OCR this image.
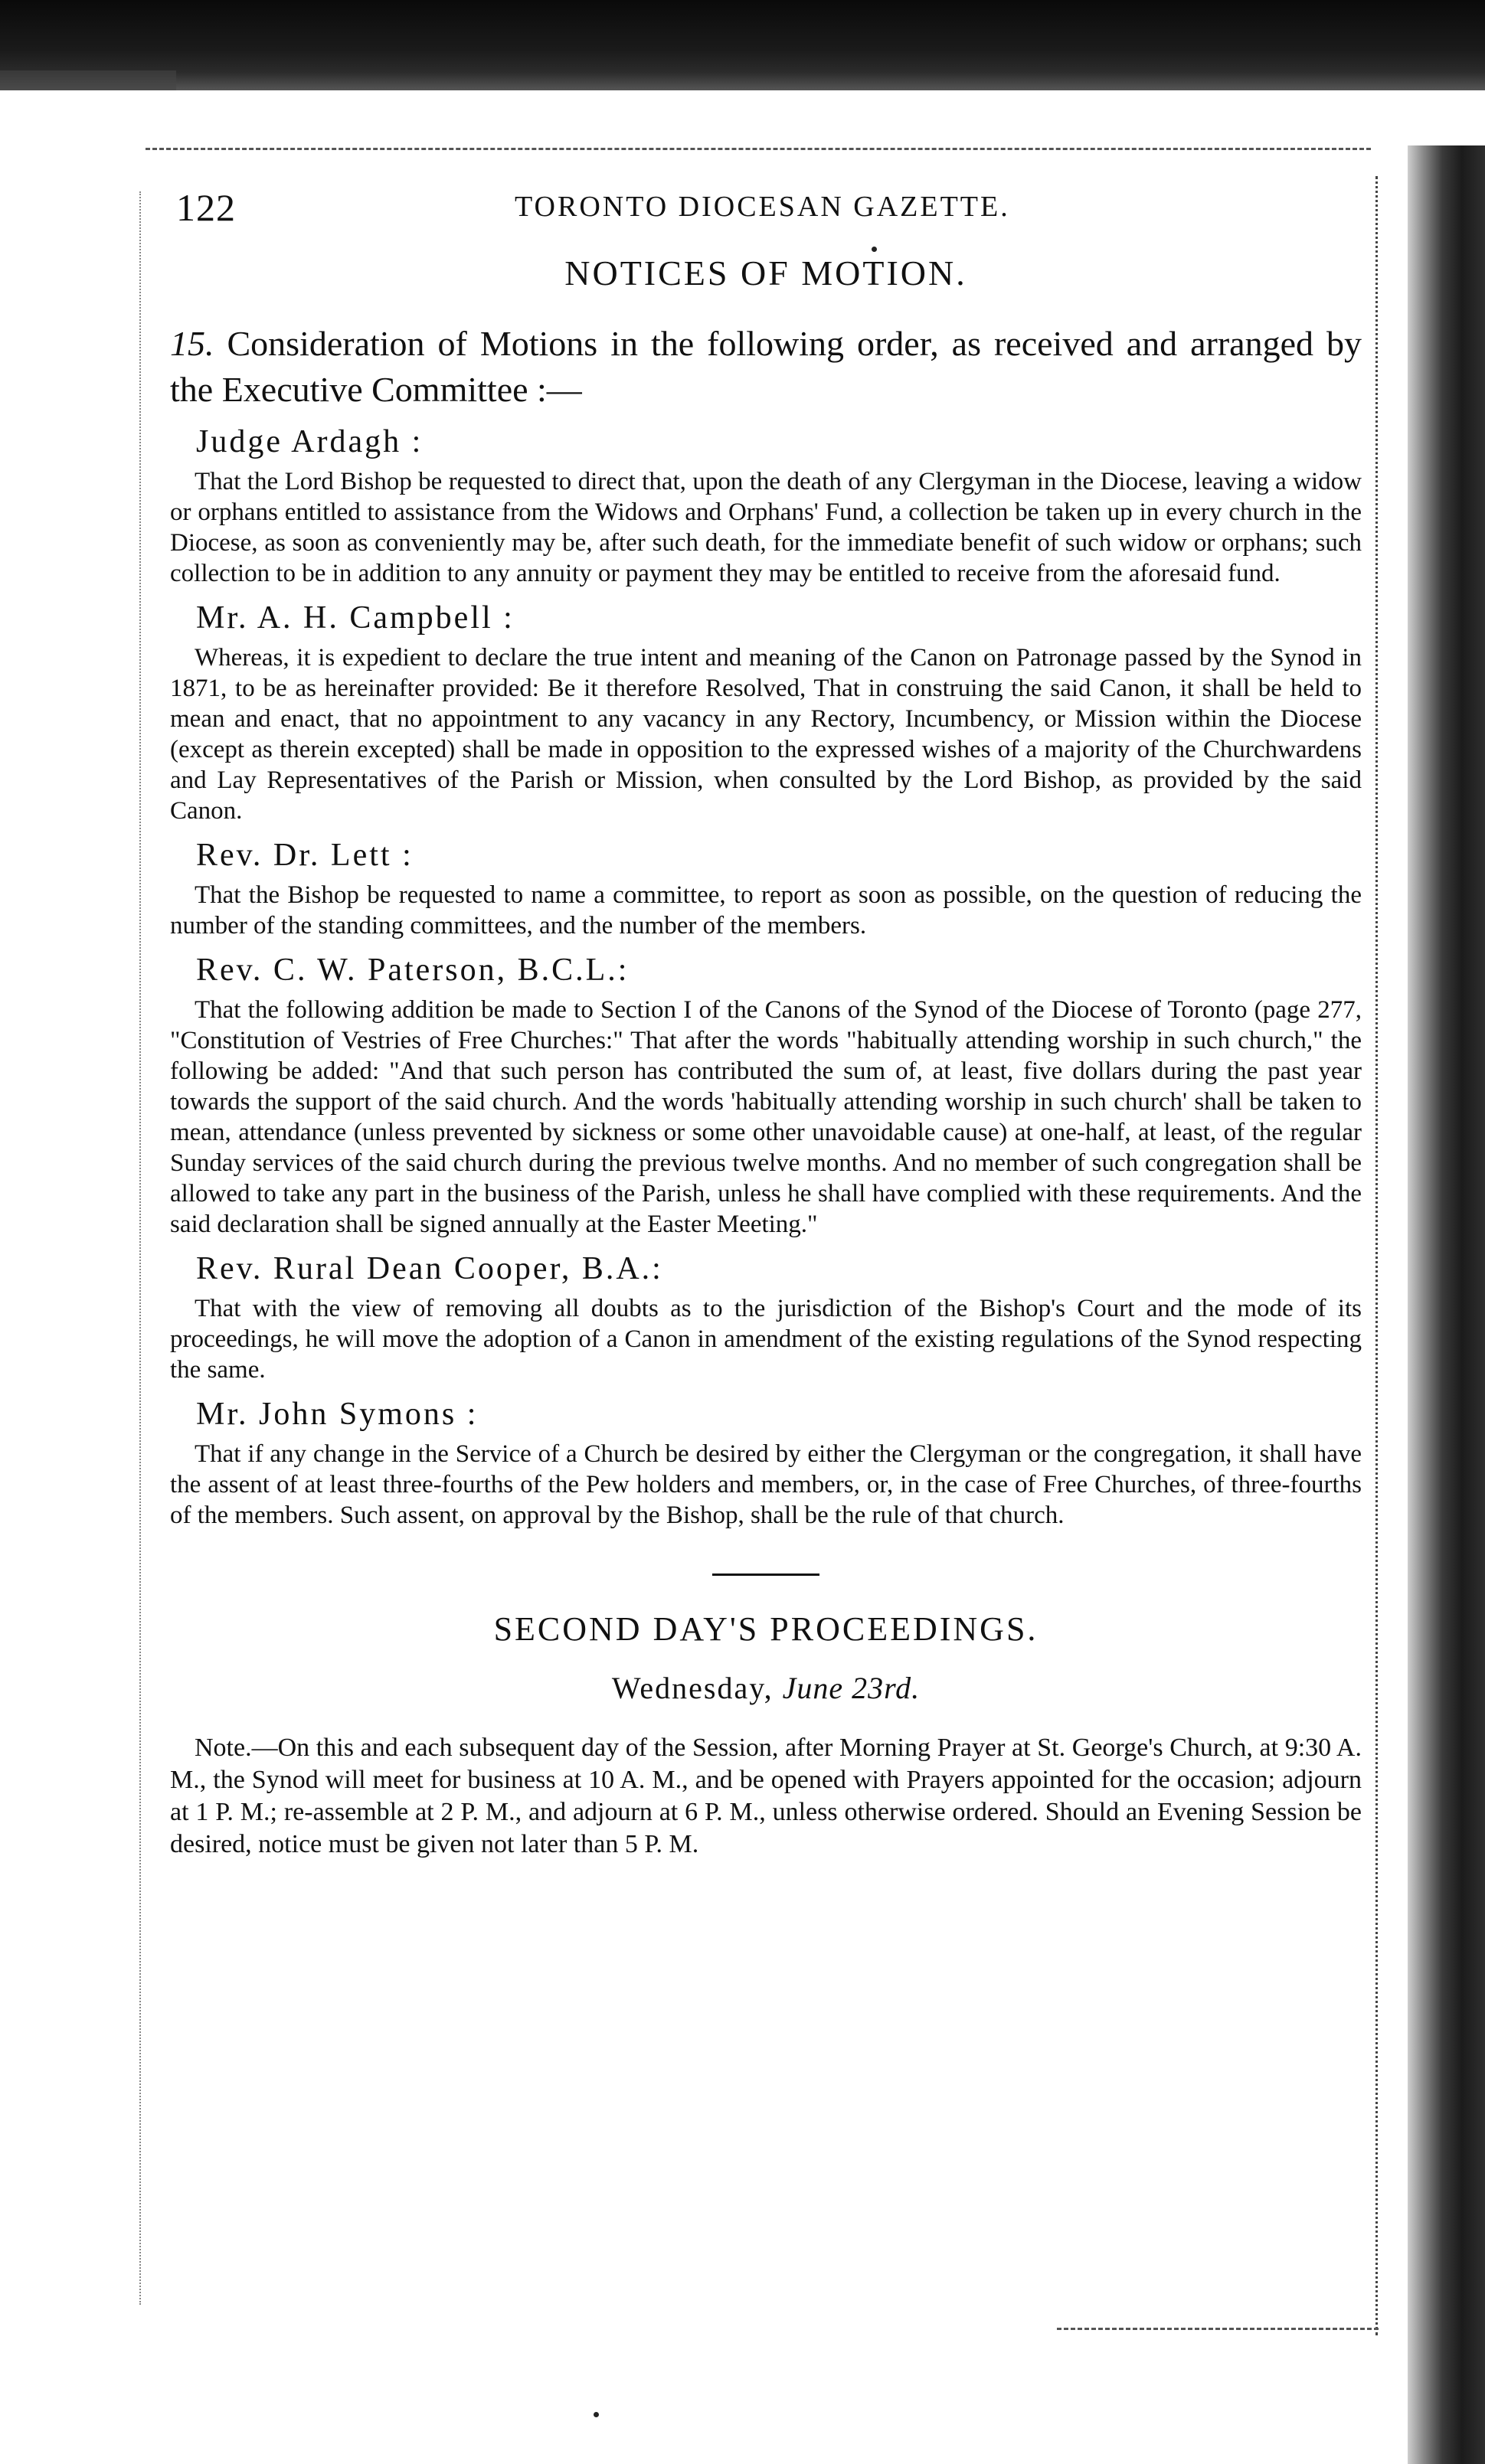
122	TORONTO DIOCESAN GAZETTE.
NOTICES OF MOTION.

15. Consideration of Motions in the following order, as received and arranged by the Executive Committee :—

Judge Ardagh :

That the Lord Bishop be requested to direct that, upon the death of any Clergyman in the Diocese, leaving a widow or orphans entitled to assistance from the Widows and Orphans' Fund, a collection be taken up in every church in the Diocese, as soon as conveniently may be, after such death, for the immediate benefit of such widow or orphans; such collection to be in addition to any annuity or payment they may be entitled to receive from the aforesaid fund.

Mr. A. H. Campbell :

Whereas, it is expedient to declare the true intent and meaning of the Canon on Patronage passed by the Synod in 1871, to be as hereinafter provided: Be it therefore Resolved, That in construing the said Canon, it shall be held to mean and enact, that no appointment to any vacancy in any Rectory, Incumbency, or Mission within the Diocese (except as therein excepted) shall be made in opposition to the expressed wishes of a majority of the Churchwardens and Lay Representatives of the Parish or Mission, when consulted by the Lord Bishop, as provided by the said Canon.

Rev. Dr. Lett :

That the Bishop be requested to name a committee, to report as soon as possible, on the question of reducing the number of the standing committees, and the number of the members.

Rev. C. W. Paterson, B.C.L.:

That the following addition be made to Section I of the Canons of the Synod of the Diocese of Toronto (page 277, "Constitution of Vestries of Free Churches:" That after the words "habitually attending worship in such church," the following be added: "And that such person has contributed the sum of, at least, five dollars during the past year towards the support of the said church. And the words 'habitually attending worship in such church' shall be taken to mean, attendance (unless prevented by sickness or some other unavoidable cause) at one-half, at least, of the regular Sunday services of the said church during the previous twelve months. And no member of such congregation shall be allowed to take any part in the business of the Parish, unless he shall have complied with these requirements. And the said declaration shall be signed annually at the Easter Meeting."

Rev. Rural Dean Cooper, B.A.:

That with the view of removing all doubts as to the jurisdiction of the Bishop's Court and the mode of its proceedings, he will move the adoption of a Canon in amendment of the existing regulations of the Synod respecting the same.

Mr. John Symons :

That if any change in the Service of a Church be desired by either the Clergyman or the congregation, it shall have the assent of at least three-fourths of the Pew holders and members, or, in the case of Free Churches, of three-fourths of the members. Such assent, on approval by the Bishop, shall be the rule of that church.

SECOND DAY'S PROCEEDINGS.
Wednesday, June 23rd.

Note.—On this and each subsequent day of the Session, after Morning Prayer at St. George's Church, at 9:30 A. M., the Synod will meet for business at 10 A. M., and be opened with Prayers appointed for the occasion; adjourn at 1 P. M.; re-assemble at 2 P. M., and adjourn at 6 P. M., unless otherwise ordered. Should an Evening Session be desired, notice must be given not later than 5 P. M.
